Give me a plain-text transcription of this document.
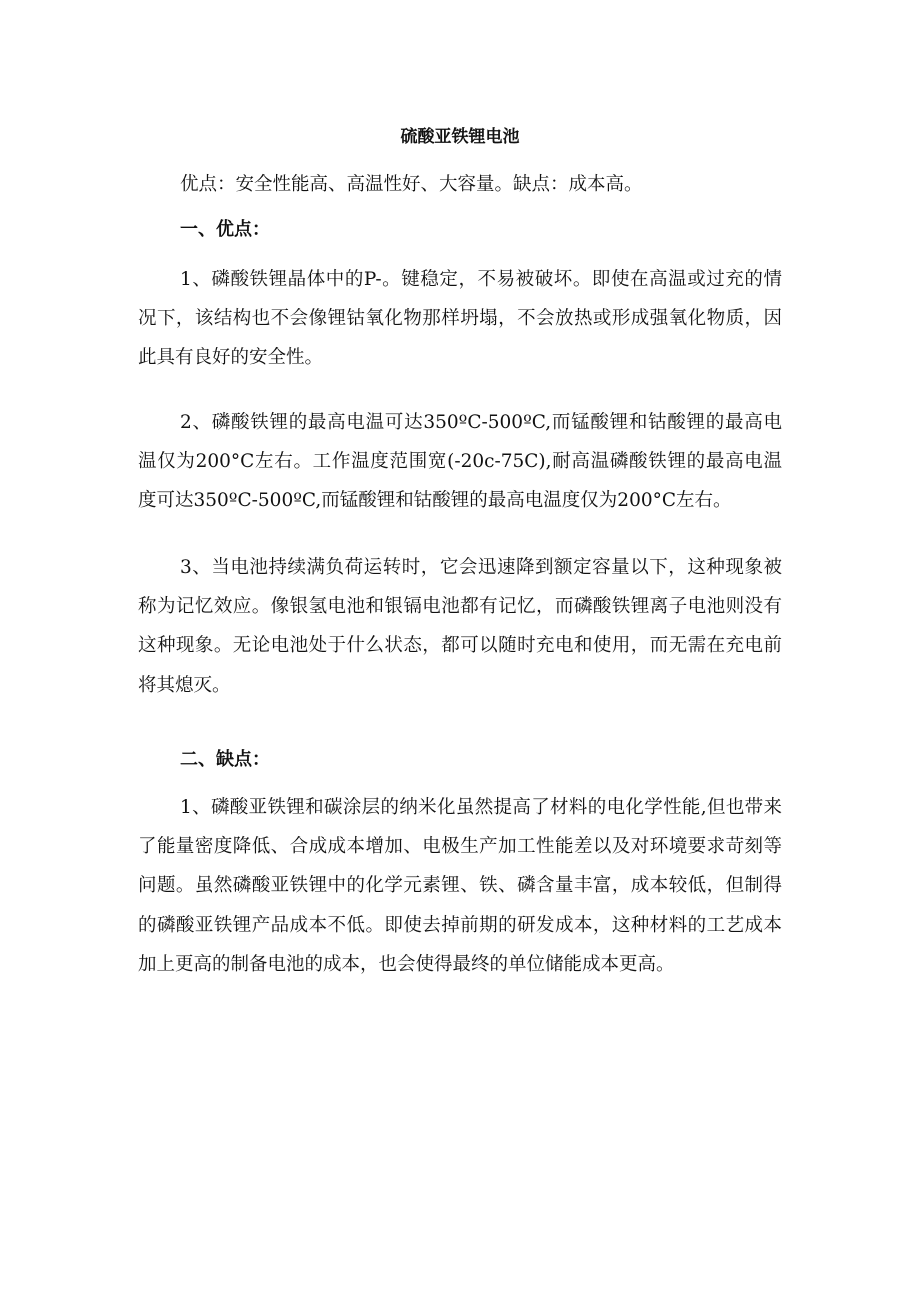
硫酸亚铁锂电池

优点：安全性能高、高温性好、大容量。缺点：成本高。

一、优点：

1、磷酸铁锂晶体中的P-。键稳定，不易被破坏。即使在高温或过充的情况下，该结构也不会像锂钴氧化物那样坍塌，不会放热或形成强氧化物质，因此具有良好的安全性。

2、磷酸铁锂的最高电温可达350ºC-500ºC,而锰酸锂和钴酸锂的最高电温仅为200°C左右。工作温度范围宽(-20c-75C),耐高温磷酸铁锂的最高电温度可达350ºC-500ºC,而锰酸锂和钴酸锂的最高电温度仅为200°C左右。

3、当电池持续满负荷运转时，它会迅速降到额定容量以下，这种现象被称为记忆效应。像银氢电池和银镉电池都有记忆，而磷酸铁锂离子电池则没有这种现象。无论电池处于什么状态，都可以随时充电和使用，而无需在充电前将其熄灭。

二、缺点：

1、磷酸亚铁锂和碳涂层的纳米化虽然提高了材料的电化学性能,但也带来了能量密度降低、合成成本增加、电极生产加工性能差以及对环境要求苛刻等问题。虽然磷酸亚铁锂中的化学元素锂、铁、磷含量丰富，成本较低，但制得的磷酸亚铁锂产品成本不低。即使去掉前期的研发成本，这种材料的工艺成本加上更高的制备电池的成本，也会使得最终的单位储能成本更高。
